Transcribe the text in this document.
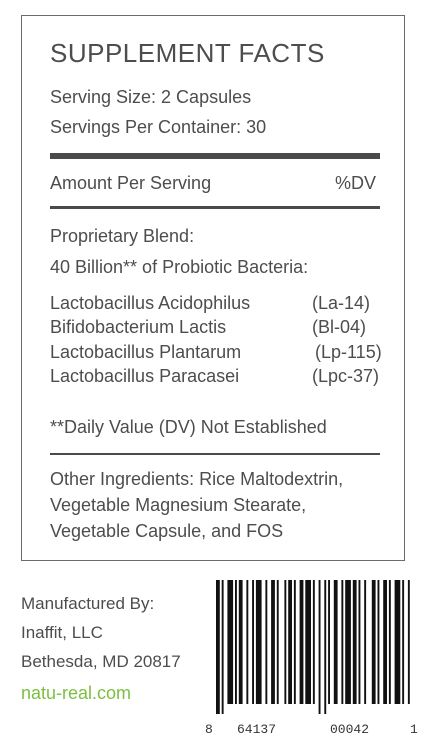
SUPPLEMENT FACTS
Serving Size: 2 Capsules
Servings Per Container: 30
Amount Per Serving	%DV
Proprietary Blend:
40 Billion** of Probiotic Bacteria:
Lactobacillus Acidophilus	(La-14)
Bifidobacterium Lactis	(Bl-04)
Lactobacillus Plantarum	(Lp-115)
Lactobacillus Paracasei	(Lpc-37)
**Daily Value (DV) Not Established
Other Ingredients: Rice Maltodextrin,
Vegetable Magnesium Stearate,
Vegetable Capsule, and FOS
Manufactured By:
Inaffit, LLC
Bethesda, MD 20817
natu-real.com
8 64137	00042	1
